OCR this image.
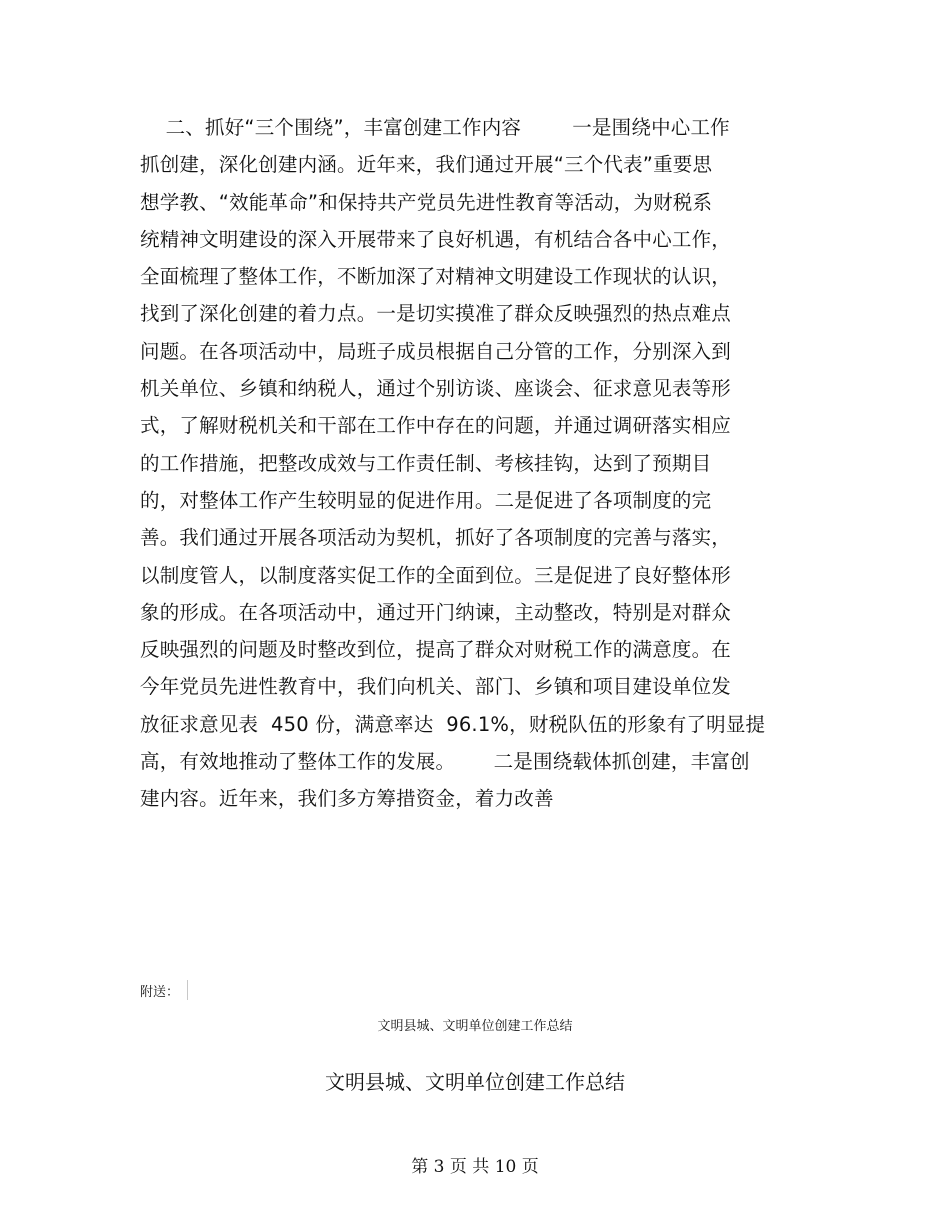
二、抓好“三个围绕”，丰富创建工作内容        一是围绕中心工作
抓创建，深化创建内涵。近年来，我们通过开展“三个代表”重要思
想学教、“效能革命”和保持共产党员先进性教育等活动，为财税系
统精神文明建设的深入开展带来了良好机遇，有机结合各中心工作，
全面梳理了整体工作，不断加深了对精神文明建设工作现状的认识，
找到了深化创建的着力点。一是切实摸准了群众反映强烈的热点难点
问题。在各项活动中，局班子成员根据自己分管的工作，分别深入到
机关单位、乡镇和纳税人，通过个别访谈、座谈会、征求意见表等形
式，了解财税机关和干部在工作中存在的问题，并通过调研落实相应
的工作措施，把整改成效与工作责任制、考核挂钩，达到了预期目
的，对整体工作产生较明显的促进作用。二是促进了各项制度的完
善。我们通过开展各项活动为契机，抓好了各项制度的完善与落实，
以制度管人，以制度落实促工作的全面到位。三是促进了良好整体形
象的形成。在各项活动中，通过开门纳谏，主动整改，特别是对群众
反映强烈的问题及时整改到位，提高了群众对财税工作的满意度。在
今年党员先进性教育中，我们向机关、部门、乡镇和项目建设单位发
放征求意见表  450 份，满意率达  96.1%，财税队伍的形象有了明显提
高，有效地推动了整体工作的发展。      二是围绕载体抓创建，丰富创
建内容。近年来，我们多方筹措资金，着力改善
附送：
文明县城、文明单位创建工作总结
文明县城、文明单位创建工作总结
第 3 页 共 10 页
